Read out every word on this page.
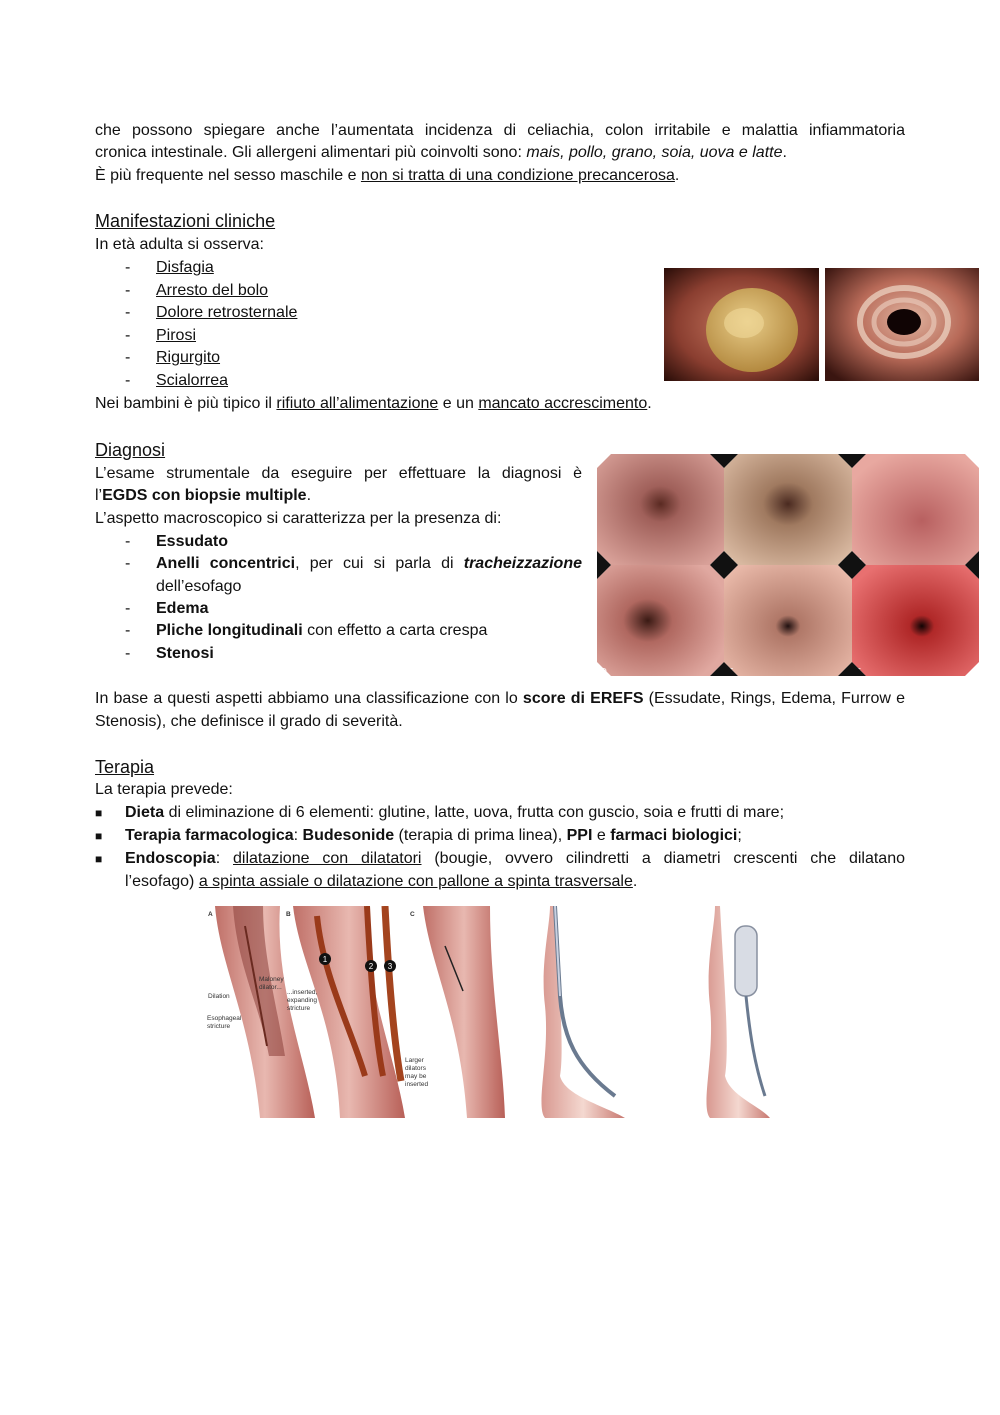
che possono spiegare anche l’aumentata incidenza di celiachia, colon irritabile e malattia infiammatoria
cronica intestinale. Gli allergeni alimentari più coinvolti sono: mais, pollo, grano, soia, uova e latte.
È più frequente nel sesso maschile e non si tratta di una condizione precancerosa.
Manifestazioni cliniche
In età adulta si osserva:
- Disfagia
- Arresto del bolo
- Dolore retrosternale
- Pirosi
- Rigurgito
- Scialorrea
Nei bambini è più tipico il rifiuto all’alimentazione e un mancato accrescimento.
Diagnosi
L’esame strumentale da eseguire per effettuare la diagnosi è
l’EGDS con biopsie multiple.
L’aspetto macroscopico si caratterizza per la presenza di:
- Essudato
- Anelli concentrici, per cui si parla di tracheizzazione
dell’esofago
- Edema
- Pliche longitudinali con effetto a carta crespa
- Stenosi
In base a questi aspetti abbiamo una classificazione con lo score di EREFS (Essudate, Rings, Edema, Furrow e
Stenosis), che definisce il grado di severità.
Terapia
La terapia prevede:
■ Dieta di eliminazione di 6 elementi: glutine, latte, uova, frutta con guscio, soia e frutti di mare;
■ Terapia farmacologica: Budesonide (terapia di prima linea), PPI e farmaci biologici;
■ Endoscopia: dilatazione con dilatatori (bougie, ovvero cilindretti a diametri crescenti che dilatano
l’esofago) a spinta assiale o dilatazione con pallone a spinta trasversale.
D
1
2 3
A	B	C
Maloney
dilator...
...inserted,
expanding
stricture
Dilation
Esophageal
stricture
Larger
dilators
may be
inserted
